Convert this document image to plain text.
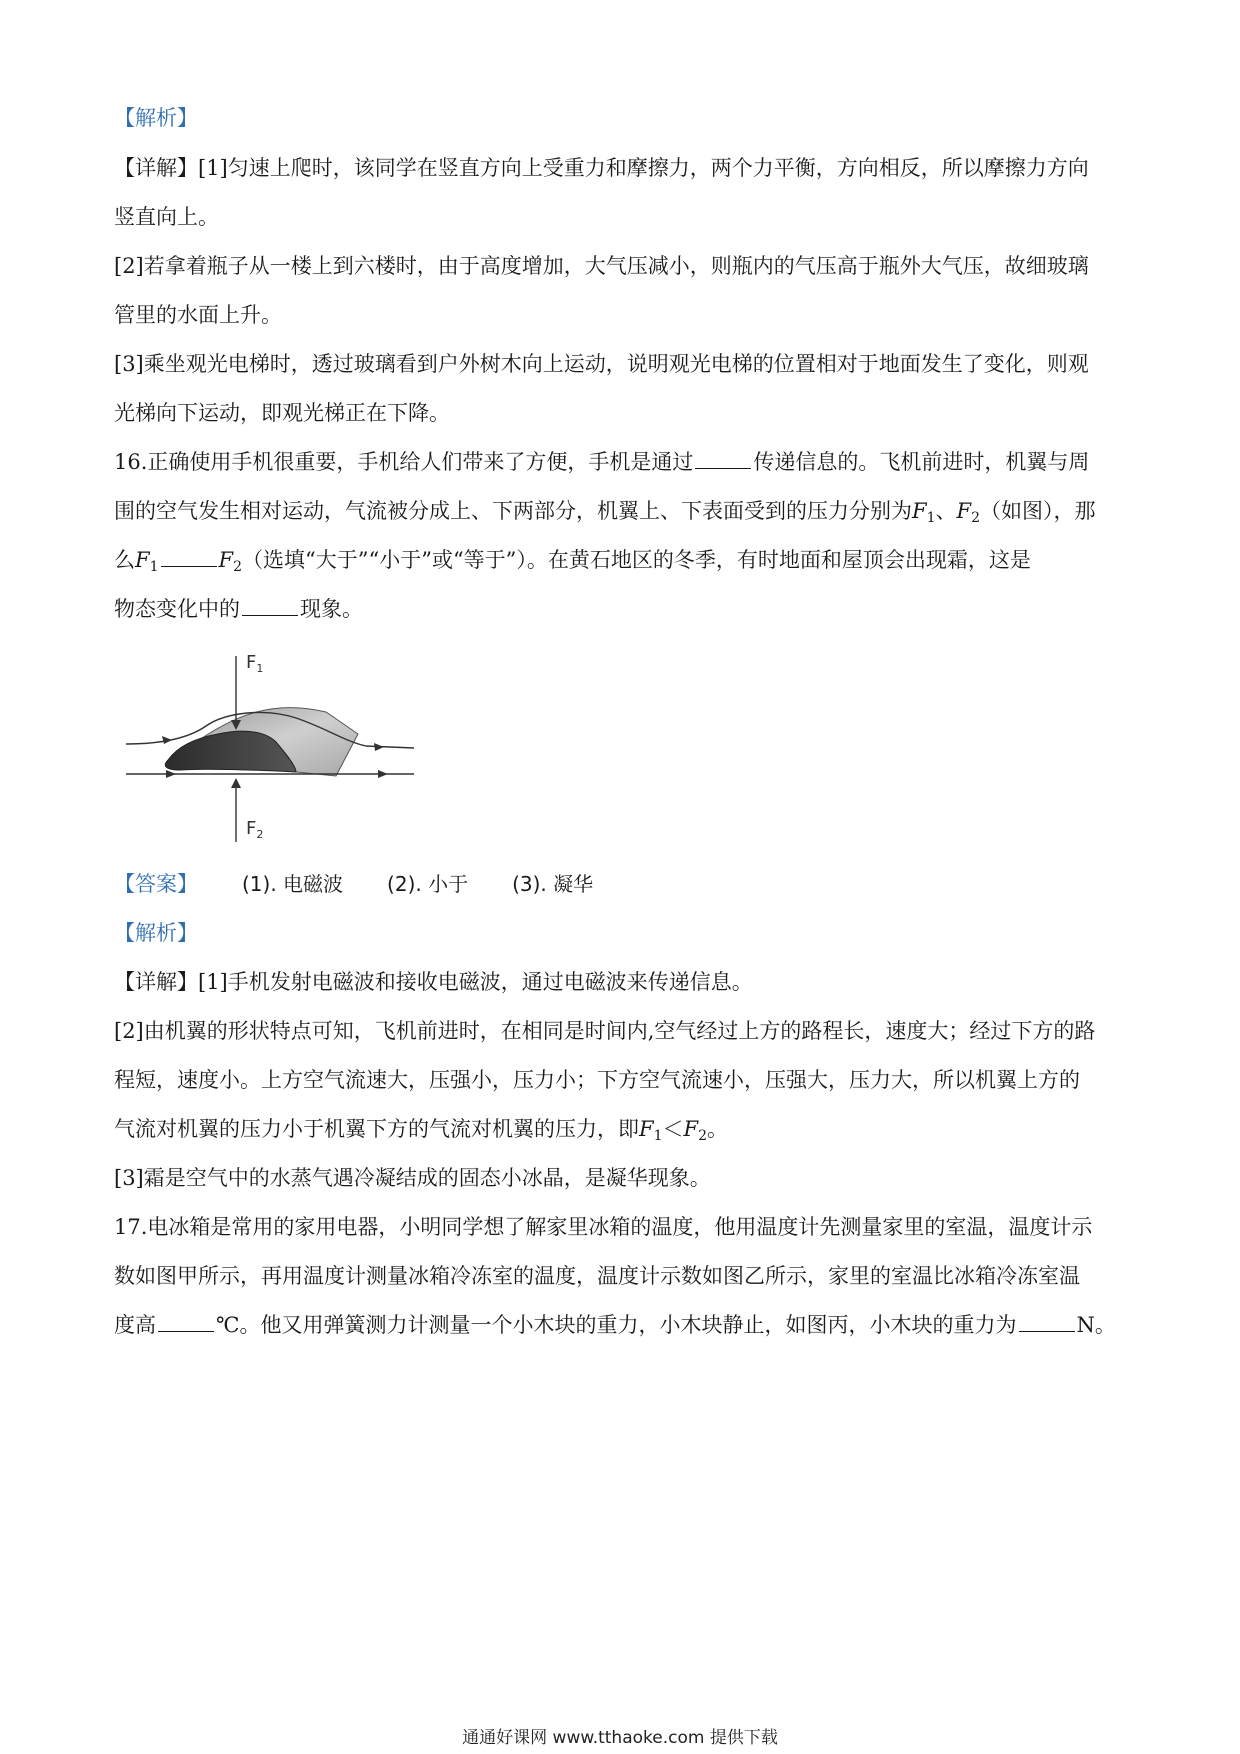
【解析】
【详解】[1]匀速上爬时，该同学在竖直方向上受重力和摩擦力，两个力平衡，方向相反，所以摩擦力方向
竖直向上。
[2]若拿着瓶子从一楼上到六楼时，由于高度增加，大气压减小，则瓶内的气压高于瓶外大气压，故细玻璃
管里的水面上升。
[3]乘坐观光电梯时，透过玻璃看到户外树木向上运动，说明观光电梯的位置相对于地面发生了变化，则观
光梯向下运动，即观光梯正在下降。
16.正确使用手机很重要，手机给人们带来了方便，手机是通过	传递信息的。飞机前进时，机翼与周
围的空气发生相对运动，气流被分成上、下两部分，机翼上、下表面受到的压力分别为$F_1$、$F_2$（如图），那
么$F_1$	$F_2$（选填“大于”“小于”或“等于”）。在黄石地区的冬季，有时地面和屋顶会出现霜，这是
物态变化中的	现象。
$F_1$
$F_2$
【答案】 (1). 电磁波 (2). 小于 (3). 凝华
【解析】
【详解】[1]手机发射电磁波和接收电磁波，通过电磁波来传递信息。
[2]由机翼的形状特点可知，飞机前进时，在相同是时间内,空气经过上方的路程长，速度大；经过下方的路
程短，速度小。上方空气流速大，压强小，压力小；下方空气流速小，压强大，压力大，所以机翼上方的
气流对机翼的压力小于机翼下方的气流对机翼的压力，即$F_1<F_2$。
[3]霜是空气中的水蒸气遇冷凝结成的固态小冰晶，是凝华现象。
17.电冰箱是常用的家用电器，小明同学想了解家里冰箱的温度，他用温度计先测量家里的室温，温度计示
数如图甲所示，再用温度计测量冰箱冷冻室的温度，温度计示数如图乙所示，家里的室温比冰箱冷冻室温
度高	℃。他又用弹簧测力计测量一个小木块的重力，小木块静止，如图丙，小木块的重力为	N。
通通好课网 www.tthaoke.com 提供下载
